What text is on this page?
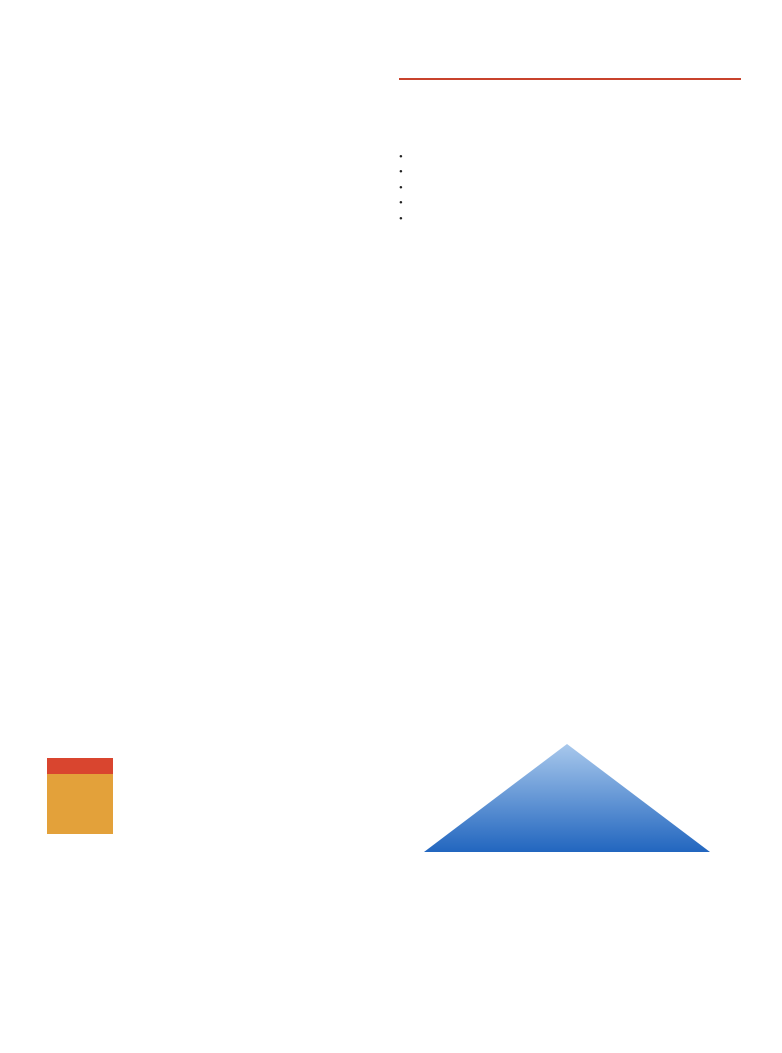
•
•
•
•
•
